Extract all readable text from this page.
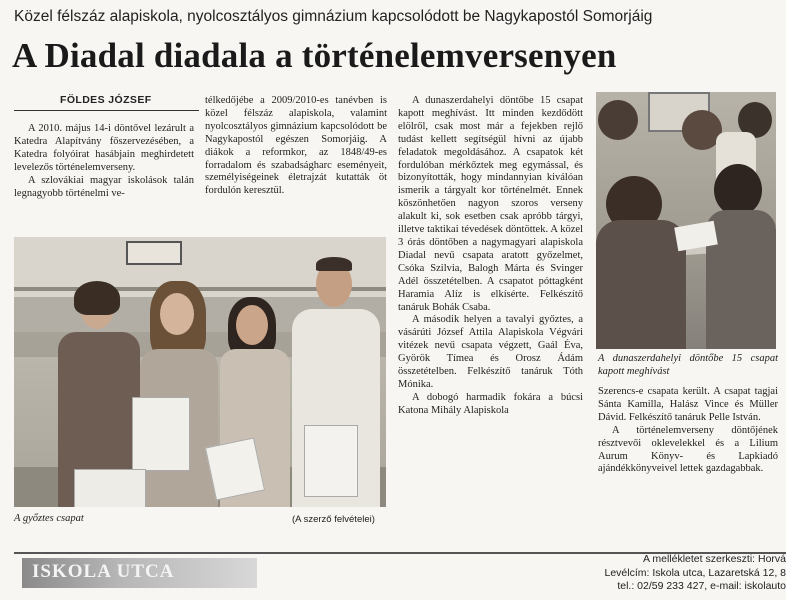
Közel félszáz alapiskola, nyolcosztályos gimnázium kapcsolódott be Nagykapostól Somorjáig
A Diadal diadala a történelemversenyen
FÖLDES JÓZSEF

A 2010. május 14-i döntővel lezárult a Katedra Alapítvány főszervezésében, a Katedra folyóirat hasábjain meghirdetett levelezős történelemverseny.

A szlovákiai magyar iskolások talán legnagyobb történelmi ve-

télkedőjébe a 2009/2010-es tanévben is közel félszáz alapiskola, valamint nyolcosztályos gimnázium kapcsolódott be Nagykapostól egészen Somorjáig. A diákok a reformkor, az 1848/49-es forradalom és szabadságharc eseményeit, személyiségeinek életrajzát kutatták öt fordulón keresztül.

A dunaszerdahelyi döntőbe 15 csapat kapott meghívást. Itt minden kezdődött elölről, csak most már a fejekben rejlő tudást kellett segítségül hívni az újabb feladatok megoldásához. A csapatok két fordulóban mérkőztek meg egymással, és bizonyították, hogy mindannyian kiválóan ismerik a tárgyalt kor történelmét. Ennek köszönhetően nagyon szoros verseny alakult ki, sok esetben csak apróbb tárgyi, illetve taktikai tévedések döntöttek. A közel 3 órás döntőben a nagymagyari alapiskola Diadal nevű csapata aratott győzelmet, Csóka Szilvia, Balogh Márta és Svinger Adél összetételben. A csapatot póttagként Haramia Alíz is elkísérte. Felkészítő tanáruk Bohák Csaba.

A második helyen a tavalyi győztes, a vásárúti József Attila Alapiskola Végvári vitézek nevű csapata végzett, Gaál Éva, Györök Tímea és Orosz Ádám összetételben. Felkészítő tanáruk Tóth Mónika.

A dobogó harmadik fokára a búcsi Katona Mihály Alapiskola

A győztes csapat	(A szerző felvételei)
A dunaszerdahelyi döntőbe 15 csapat kapott meghívást

Szerencs-e csapata került. A csapat tagjai Sánta Kamilla, Halász Vince és Müller Dávid. Felkészítő tanáruk Pelle István.

A történelemverseny döntőjének résztvevői oklevelekkel és a Lilium Aurum Könyv- és Lapkiadó ajándékkönyveivel lettek gazdagabbak.

ISKOLA UTCA
A mellékletet szerkeszti: Horvá
Levélcím: Iskola utca, Lazaretská 12, 8
tel.: 02/59 233 427, e-mail: iskolauto
